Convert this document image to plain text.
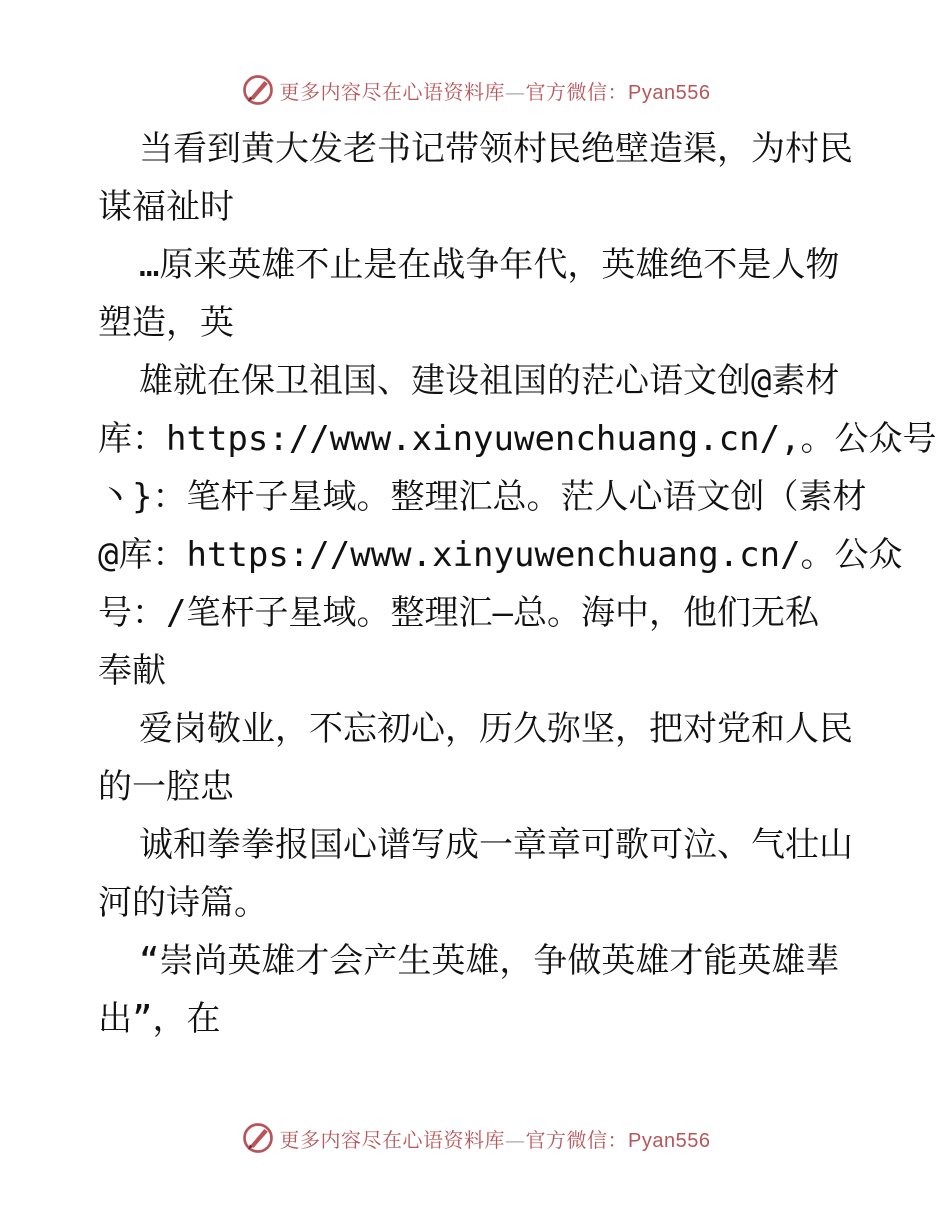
更多内容尽在心语资料库—官方微信：Pyan556

当看到黄大发老书记带领村民绝壁造渠，为村民
谋福祉时

…原来英雄不止是在战争年代，英雄绝不是人物
塑造，英

雄就在保卫祖国、建设祖国的茫心语文创@素材
库：https://www.xinyuwenchuang.cn/,。公众号
丶}：笔杆子星域。整理汇总。茫人心语文创（素材
@库：https://www.xinyuwenchuang.cn/。公众
号：/笔杆子星域。整理汇—总。海中，他们无私
奉献

爱岗敬业，不忘初心，历久弥坚，把对党和人民
的一腔忠

诚和拳拳报国心谱写成一章章可歌可泣、气壮山
河的诗篇。

“崇尚英雄才会产生英雄，争做英雄才能英雄辈
出”，在

更多内容尽在心语资料库—官方微信：Pyan556
